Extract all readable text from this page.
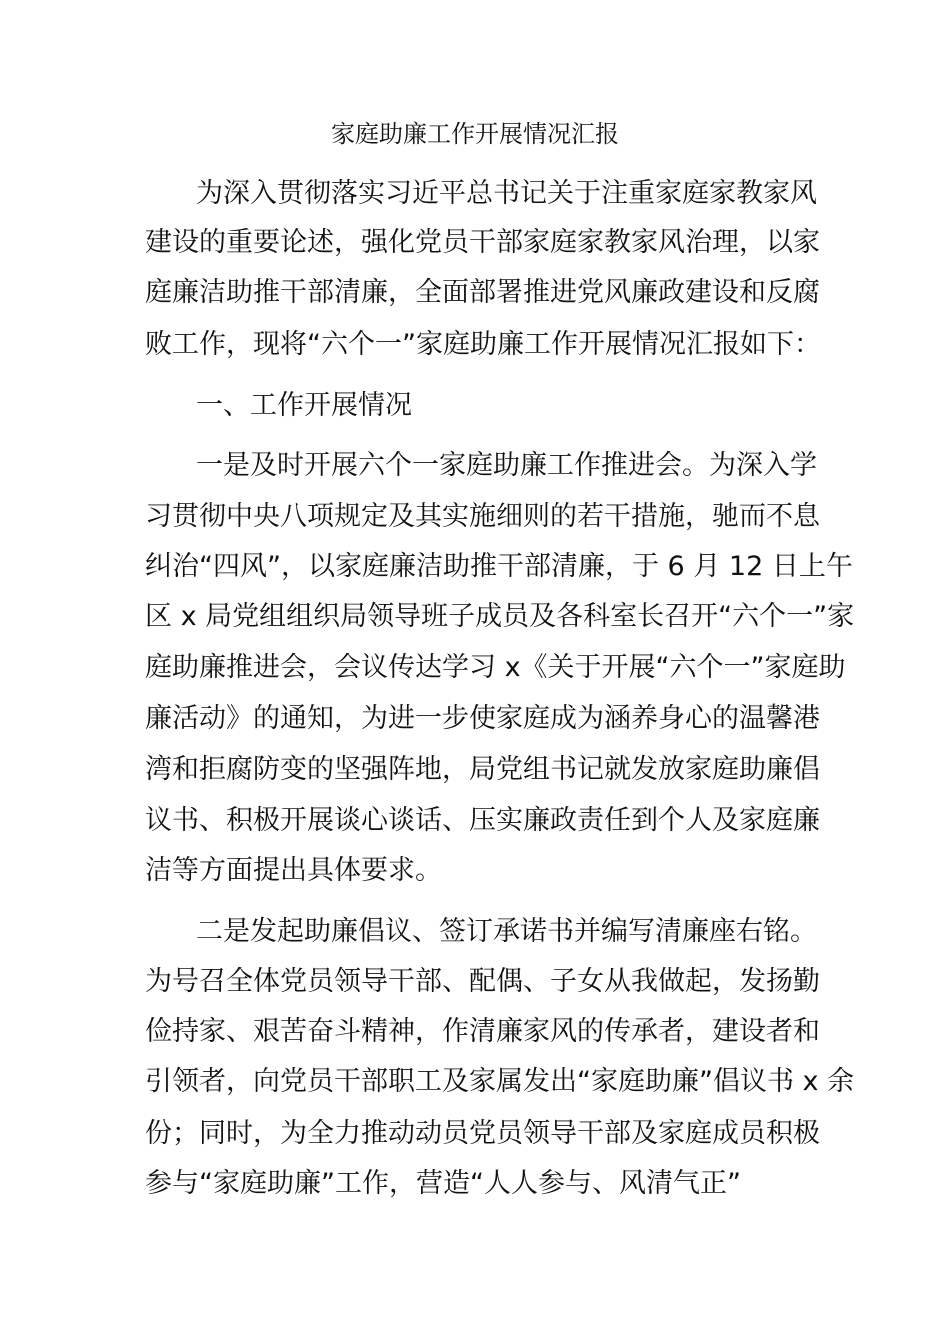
家庭助廉工作开展情况汇报
为深入贯彻落实习近平总书记关于注重家庭家教家风
建设的重要论述，强化党员干部家庭家教家风治理，以家
庭廉洁助推干部清廉，全面部署推进党风廉政建设和反腐
败工作，现将“六个一”家庭助廉工作开展情况汇报如下：
一、工作开展情况
一是及时开展六个一家庭助廉工作推进会。为深入学
习贯彻中央八项规定及其实施细则的若干措施，驰而不息
纠治“四风”，以家庭廉洁助推干部清廉，于 6 月 12 日上午
区 x 局党组组织局领导班子成员及各科室长召开“六个一”家
庭助廉推进会，会议传达学习 x《关于开展“六个一”家庭助
廉活动》的通知，为进一步使家庭成为涵养身心的温馨港
湾和拒腐防变的坚强阵地，局党组书记就发放家庭助廉倡
议书、积极开展谈心谈话、压实廉政责任到个人及家庭廉
洁等方面提出具体要求。
二是发起助廉倡议、签订承诺书并编写清廉座右铭。
为号召全体党员领导干部、配偶、子女从我做起，发扬勤
俭持家、艰苦奋斗精神，作清廉家风的传承者，建设者和
引领者，向党员干部职工及家属发出“家庭助廉”倡议书 x 余
份；同时，为全力推动动员党员领导干部及家庭成员积极
参与“家庭助廉”工作，营造“人人参与、风清气正”
